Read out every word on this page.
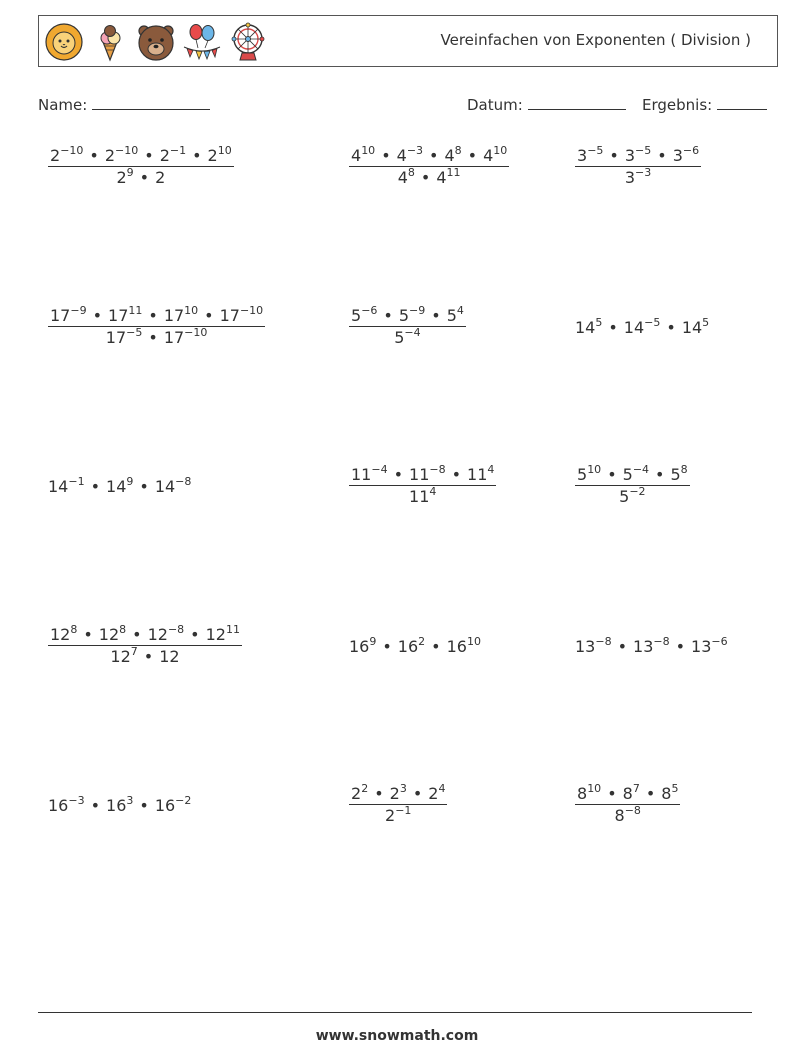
Vereinfachen von Exponenten ( Division )
Name:	Datum:	Ergebnis:
$\frac{2^{-10} • 2^{-10} • 2^{-1} • 2^{10}}{2^9 • 2}$	$\frac{4^{10} • 4^{-3} • 4^8 • 4^{10}}{4^8 • 4^{11}}$	$\frac{3^{-5} • 3^{-5} • 3^{-6}}{3^{-3}}$
$\frac{17^{-9} • 17^{11} • 17^{10} • 17^{-10}}{17^{-5} • 17^{-10}}$	$\frac{5^{-6} • 5^{-9} • 5^4}{5^{-4}}$	$14^5$ • $14^{-5}$ • $14^5$
$14^{-1}$ • $14^9$ • $14^{-8}$	$\frac{11^{-4} • 11^{-8} • 11^4}{11^4}$	$\frac{5^{10} • 5^{-4} • 5^8}{5^{-2}}$
$\frac{12^8 • 12^8 • 12^{-8} • 12^{11}}{12^7 • 12}$	$16^9$ • $16^2$ • $16^{10}$	$13^{-8}$ • $13^{-8}$ • $13^{-6}$
$16^{-3}$ • $16^3$ • $16^{-2}$	$\frac{2^2 • 2^3 • 2^4}{2^{-1}}$	$\frac{8^{10} • 8^7 • 8^5}{8^{-8}}$
www.snowmath.com
